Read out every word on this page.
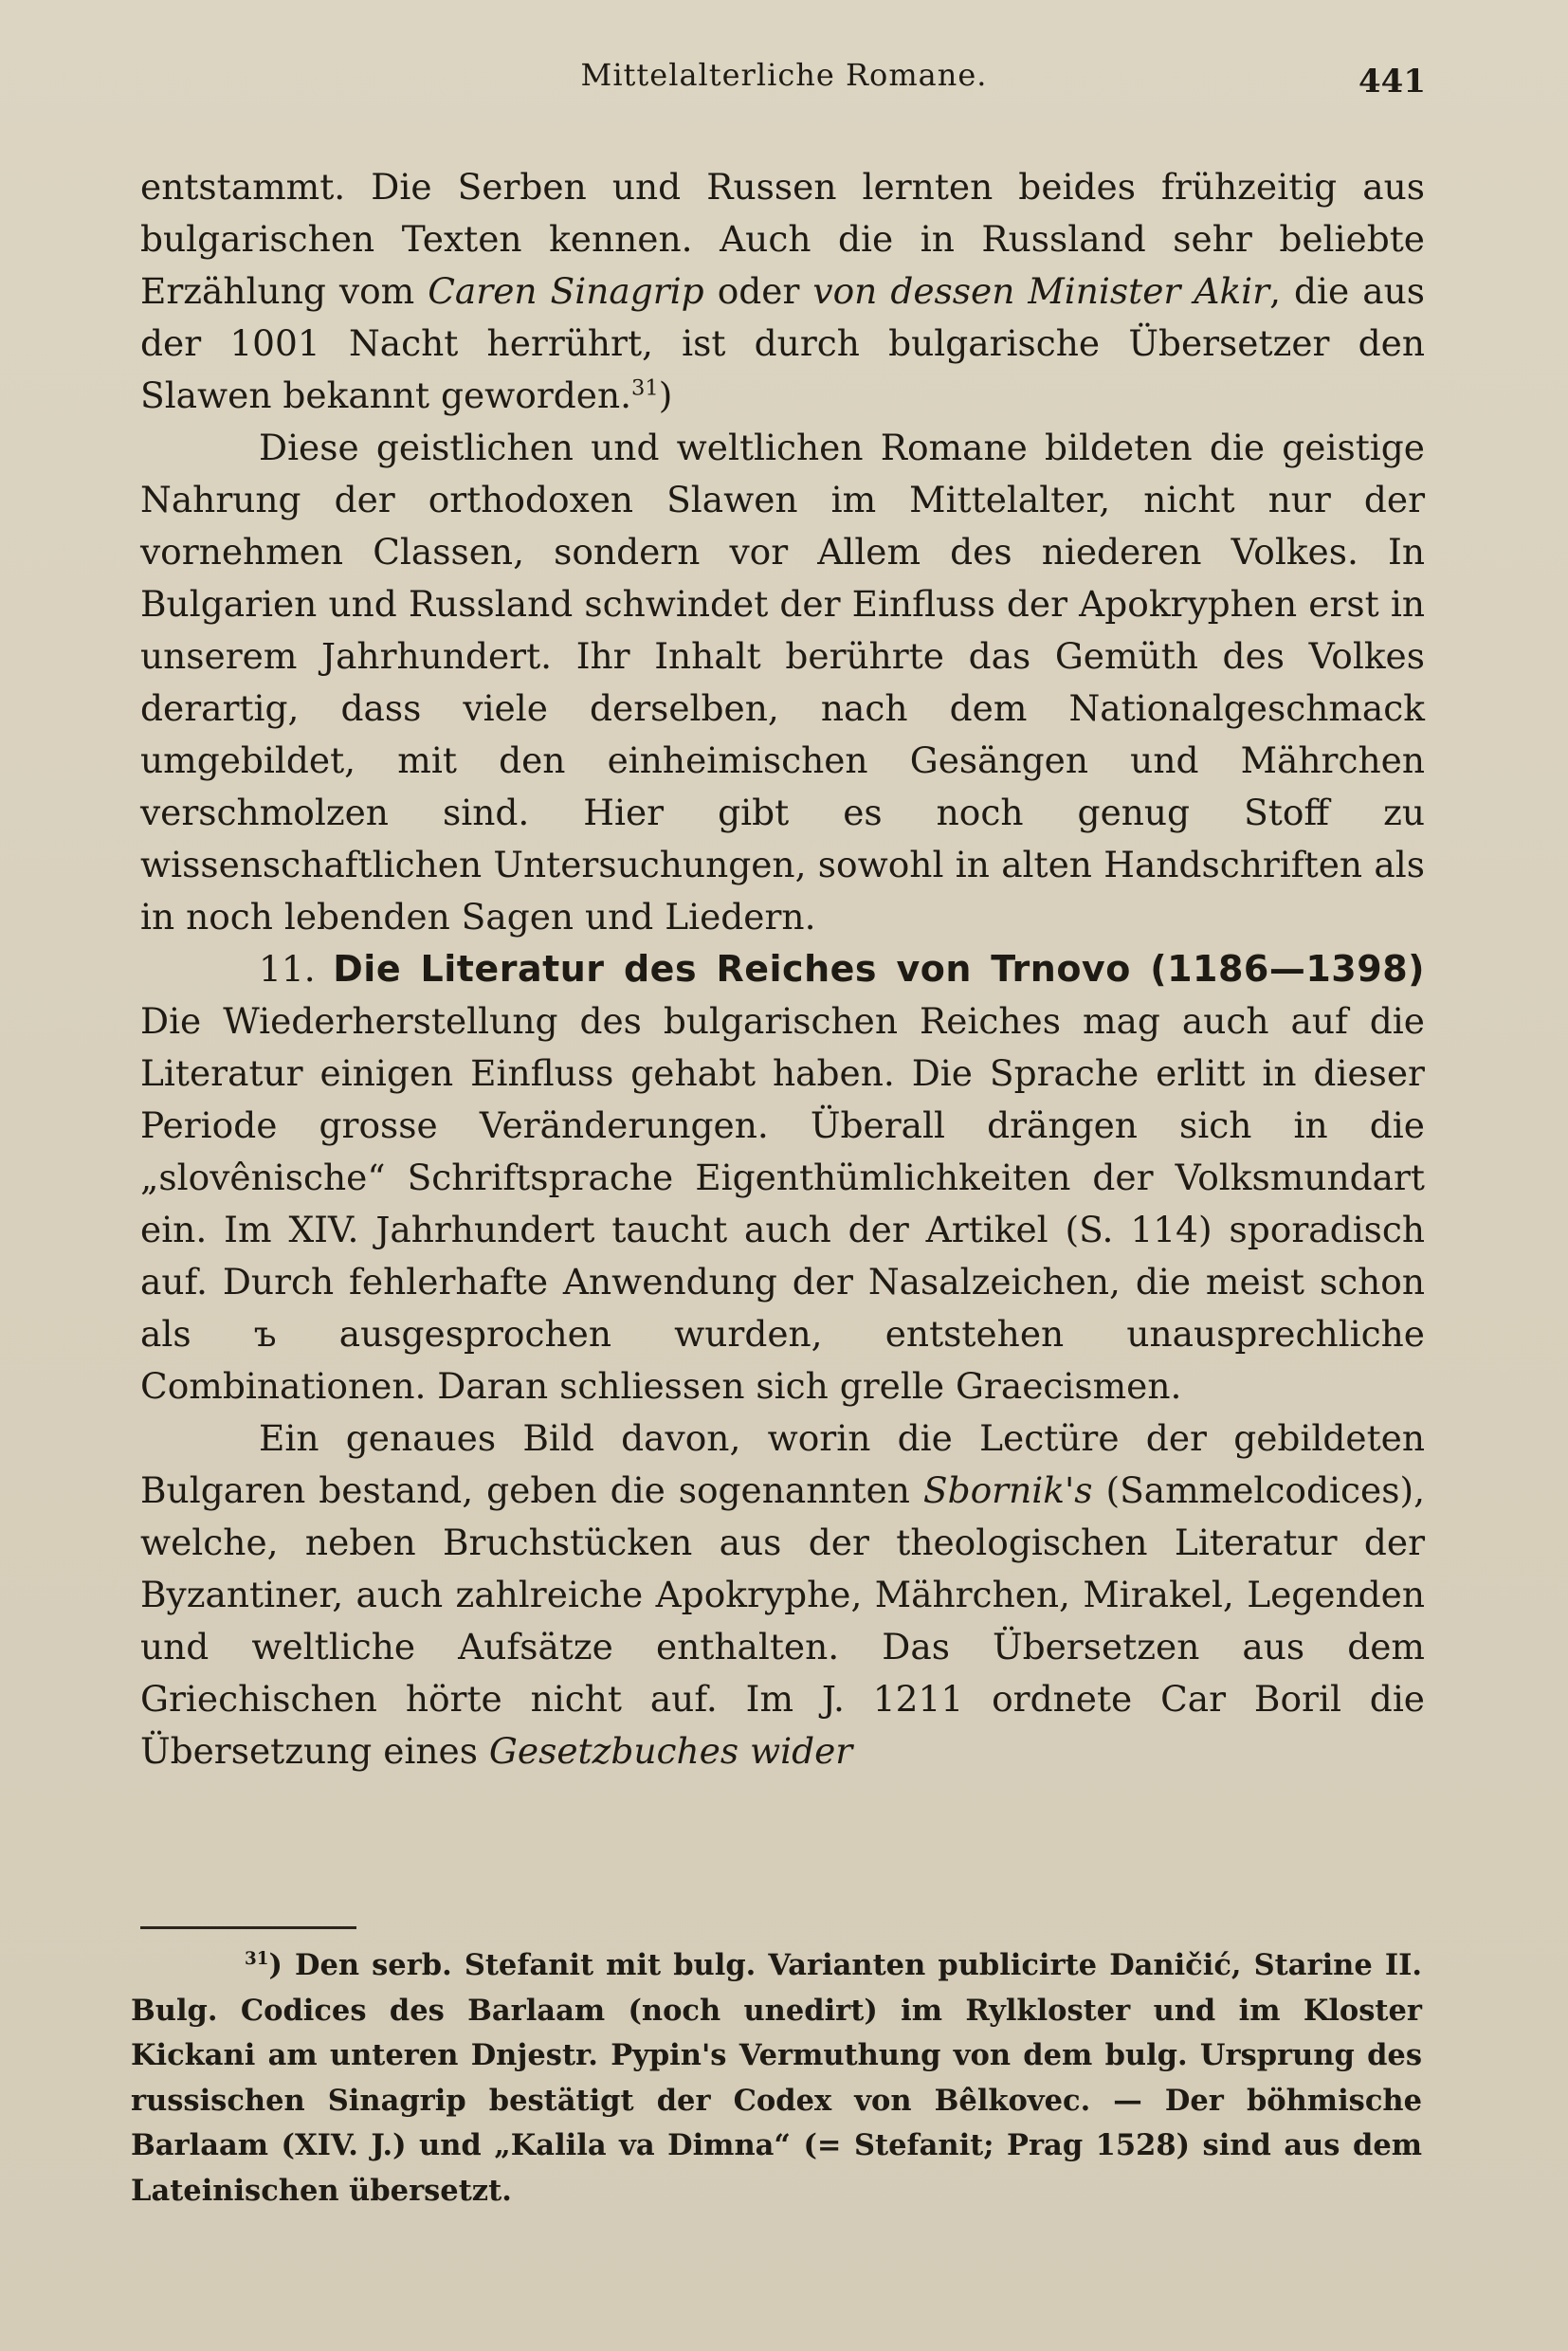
Mittelalterliche Romane.	441

entstammt. Die Serben und Russen lernten beides frühzeitig aus bulgarischen Texten kennen. Auch die in Russland sehr beliebte Erzählung vom Caren Sinagrip oder von dessen Minister Akir, die aus der 1001 Nacht herrührt, ist durch bulgarische Übersetzer den Slawen bekannt geworden.$^{31}$)

Diese geistlichen und weltlichen Romane bildeten die geistige Nahrung der orthodoxen Slawen im Mittelalter, nicht nur der vornehmen Classen, sondern vor Allem des niederen Volkes. In Bulgarien und Russland schwindet der Einfluss der Apokryphen erst in unserem Jahrhundert. Ihr Inhalt berührte das Gemüth des Volkes derartig, dass viele derselben, nach dem Nationalgeschmack umgebildet, mit den einheimischen Gesängen und Mährchen verschmolzen sind. Hier gibt es noch genug Stoff zu wissenschaftlichen Untersuchungen, sowohl in alten Handschriften als in noch lebenden Sagen und Liedern.

11. Die Literatur des Reiches von Trnovo (1186—1398) Die Wiederherstellung des bulgarischen Reiches mag auch auf die Literatur einigen Einfluss gehabt haben. Die Sprache erlitt in dieser Periode grosse Veränderungen. Überall drängen sich in die „slovênische“ Schriftsprache Eigenthümlichkeiten der Volksmundart ein. Im XIV. Jahrhundert taucht auch der Artikel (S. 114) sporadisch auf. Durch fehlerhafte Anwendung der Nasalzeichen, die meist schon als ъ ausgesprochen wurden, entstehen unausprechliche Combinationen. Daran schliessen sich grelle Graecismen.

Ein genaues Bild davon, worin die Lectüre der gebildeten Bulgaren bestand, geben die sogenannten Sbornik's (Sammelcodices), welche, neben Bruchstücken aus der theologischen Literatur der Byzantiner, auch zahlreiche Apokryphe, Mährchen, Mirakel, Legenden und weltliche Aufsätze enthalten. Das Übersetzen aus dem Griechischen hörte nicht auf. Im J. 1211 ordnete Car Boril die Übersetzung eines Gesetzbuches wider

$^{31}$) Den serb. Stefanit mit bulg. Varianten publicirte Daničić, Starine II. Bulg. Codices des Barlaam (noch unedirt) im Rylkloster und im Kloster Kickani am unteren Dnjestr. Pypin's Vermuthung von dem bulg. Ursprung des russischen Sinagrip bestätigt der Codex von Bêlkovec. — Der böhmische Barlaam (XIV. J.) und „Kalila va Dimna“ (= Stefanit; Prag 1528) sind aus dem Lateinischen übersetzt.
